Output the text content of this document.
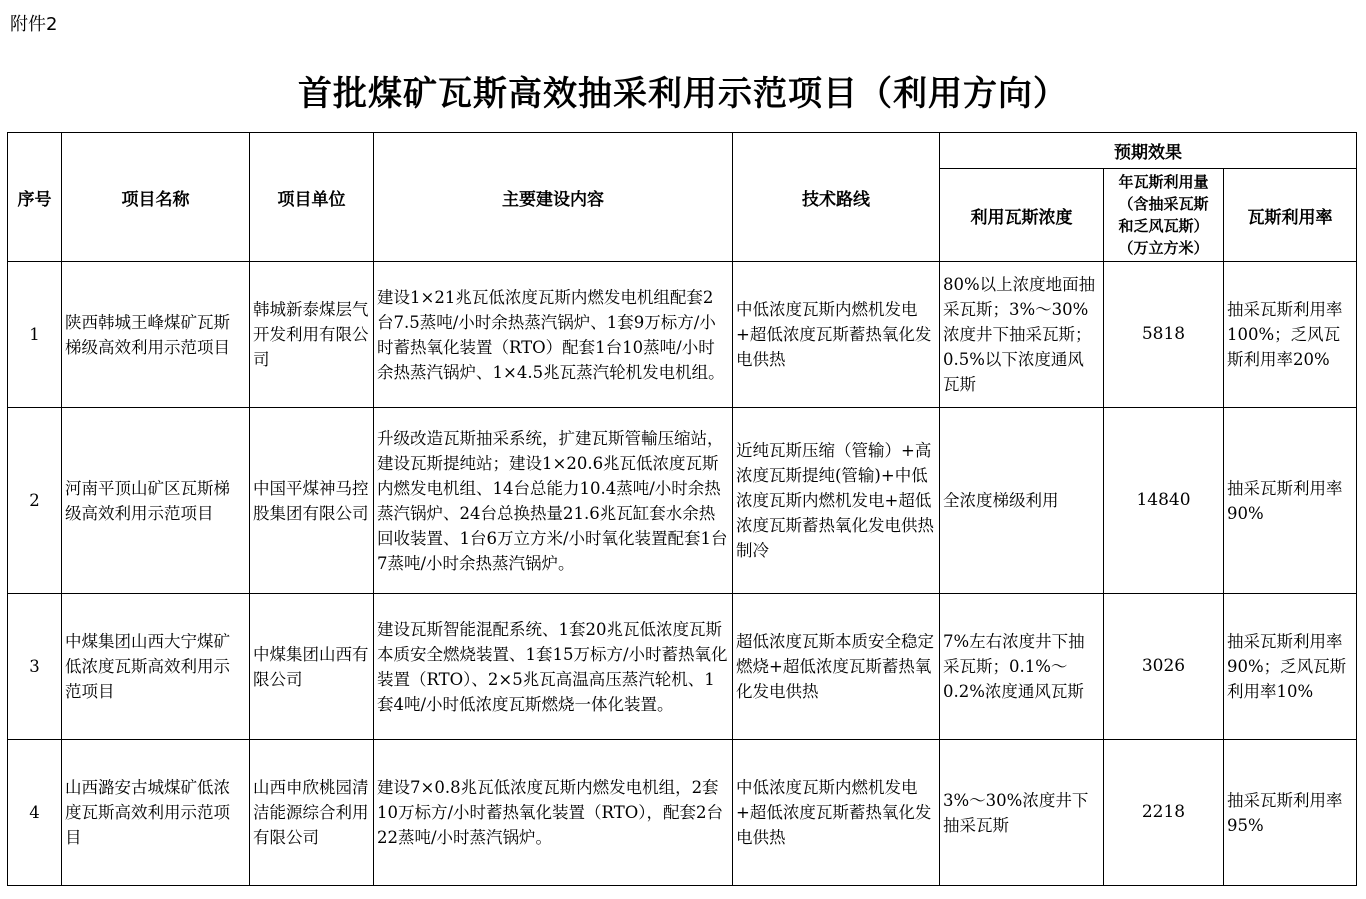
附件2
首批煤矿瓦斯高效抽采利用示范项目（利用方向）
序号	项目名称	项目单位	主要建设内容	技术路线	预期效果		
					利用瓦斯浓度	年瓦斯利用量
（含抽采瓦斯
和乏风瓦斯）
（万立方米）	瓦斯利用率
1	陕西韩城王峰煤矿瓦斯梯级高效利用示范项目	韩城新泰煤层气开发利用有限公司	建设1×21兆瓦低浓度瓦斯内燃发电机组配套2台7.5蒸吨/小时余热蒸汽锅炉、1套9万标方/小时蓄热氧化装置（RTO）配套1台10蒸吨/小时余热蒸汽锅炉、1×4.5兆瓦蒸汽轮机发电机组。	中低浓度瓦斯内燃机发电+超低浓度瓦斯蓄热氧化发电供热	80%以上浓度地面抽采瓦斯；3%～30%浓度井下抽采瓦斯；0.5%以下浓度通风瓦斯	5818	抽采瓦斯利用率100%；乏风瓦斯利用率20%
2	河南平顶山矿区瓦斯梯级高效利用示范项目	中国平煤神马控股集团有限公司	升级改造瓦斯抽采系统，扩建瓦斯管輸压缩站，建设瓦斯提纯站；建设1×20.6兆瓦低浓度瓦斯内燃发电机组、14台总能力10.4蒸吨/小时余热蒸汽锅炉、24台总换热量21.6兆瓦缸套水余热回收装置、1台6万立方米/小时氧化装置配套1台7蒸吨/小时余热蒸汽锅炉。	近纯瓦斯压缩（管输）+高浓度瓦斯提纯(管输)+中低浓度瓦斯内燃机发电+超低浓度瓦斯蓄热氧化发电供热制冷	全浓度梯级利用	14840	抽采瓦斯利用率90%
3	中煤集团山西大宁煤矿低浓度瓦斯高效利用示范项目	中煤集团山西有限公司	建设瓦斯智能混配系统、1套20兆瓦低浓度瓦斯本质安全燃烧装置、1套15万标方/小时蓄热氧化装置（RTO）、2×5兆瓦高温高压蒸汽轮机、1套4吨/小时低浓度瓦斯燃烧一体化装置。	超低浓度瓦斯本质安全稳定燃烧+超低浓度瓦斯蓄热氧化发电供热	7%左右浓度井下抽采瓦斯；0.1%～0.2%浓度通风瓦斯	3026	抽采瓦斯利用率90%；乏风瓦斯利用率10%
4	山西潞安古城煤矿低浓度瓦斯高效利用示范项目	山西申欣桃园清洁能源综合利用有限公司	建设7×0.8兆瓦低浓度瓦斯内燃发电机组，2套10万标方/小时蓄热氧化装置（RTO），配套2台22蒸吨/小时蒸汽锅炉。	中低浓度瓦斯内燃机发电+超低浓度瓦斯蓄热氧化发电供热	3%～30%浓度井下抽采瓦斯	2218	抽采瓦斯利用率95%
